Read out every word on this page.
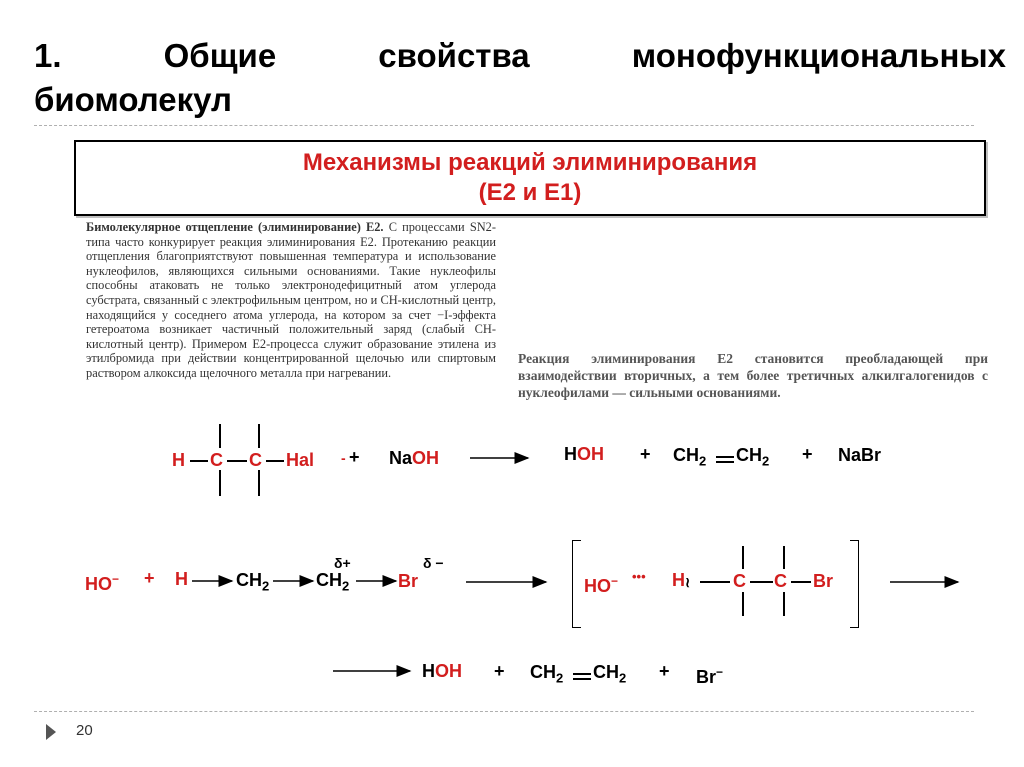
1.	Общие	свойства	монофункциональных
биомолекул
Механизмы реакций элиминирования
(E2 и E1)
Бимолекулярное отщепление (элиминирование) E2. С процессами SN2-типа часто конкурирует реакция элиминирования E2. Протеканию реакции отщепления благоприятствуют повышенная температура и использование нуклеофилов, являющихся сильными основаниями. Такие нуклеофилы способны атаковать не только электронодефицитный атом углерода субстрата, связанный с электрофильным центром, но и CH-кислотный центр, находящийся у соседнего атома углерода, на котором за счет −I-эффекта гетероатома возникает частичный положительный заряд (слабый CH-кислотный центр). Примером E2-процесса служит образование этилена из этилбромида при действии концентрированной щелочью или спиртовым раствором алкоксида щелочного металла при нагревании.
Реакция элиминирования E2 становится преобладающей при взаимодействии вторичных, а тем более третичных алкилгалогенидов с нуклеофилами — сильными основаниями.
H C C Hal - + NaOH	HOH + $CH_2$ $CH_2$ + NaBr
HO− + H	$CH_2$	$CH_2$
δ+
Br
δ −
HO− ••• H ≀ C C Br
HOH + $CH_2$ $CH_2 + Br^-$
20
